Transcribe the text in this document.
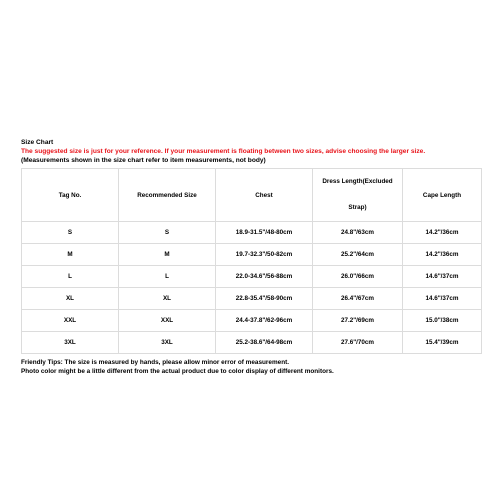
Size Chart
The suggested size is just for your reference. If your measurement is floating between two sizes, advise choosing the larger size.
(Measurements shown in the size chart refer to item measurements, not body)
Tag No.	Recommended Size	Chest	Dress Length(Excluded Strap)	Cape Length
S	S	18.9-31.5"/48-80cm	24.8"/63cm	14.2"/36cm
M	M	19.7-32.3"/50-82cm	25.2"/64cm	14.2"/36cm
L	L	22.0-34.6"/56-88cm	26.0"/66cm	14.6"/37cm
XL	XL	22.8-35.4"/58-90cm	26.4"/67cm	14.6"/37cm
XXL	XXL	24.4-37.8"/62-96cm	27.2"/69cm	15.0"/38cm
3XL	3XL	25.2-38.6"/64-98cm	27.6"/70cm	15.4"/39cm
Friendly Tips: The size is measured by hands, please allow minor error of measurement.
Photo color might be a little different from the actual product due to color display of different monitors.
